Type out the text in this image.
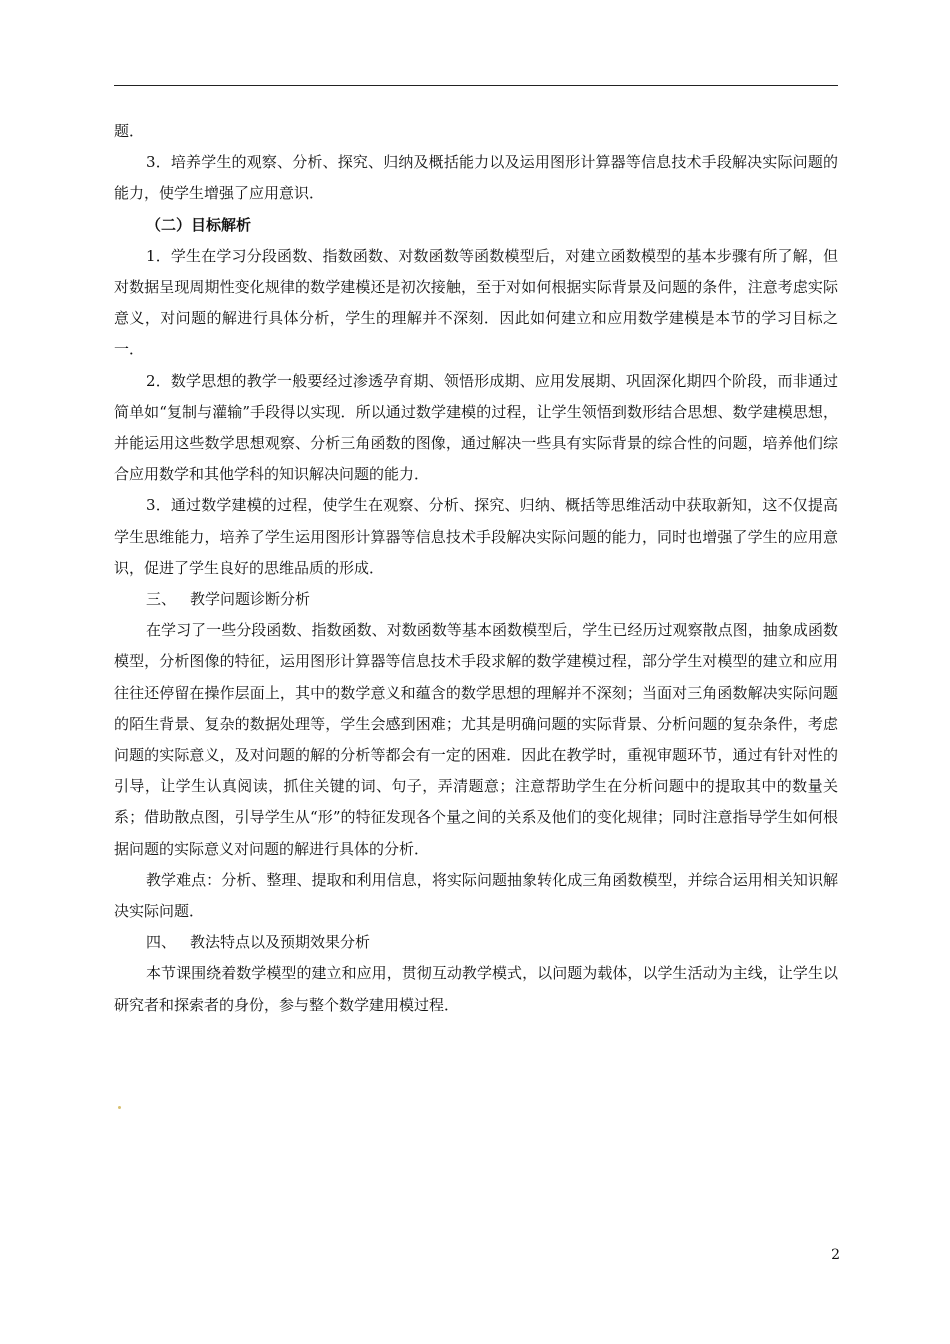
题．

3．培养学生的观察、分析、探究、归纳及概括能力以及运用图形计算器等信息技术手段解决实际问题的能力，使学生增强了应用意识．

（二）目标解析

1．学生在学习分段函数、指数函数、对数函数等函数模型后，对建立函数模型的基本步骤有所了解，但对数据呈现周期性变化规律的数学建模还是初次接触，至于对如何根据实际背景及问题的条件，注意考虑实际意义，对问题的解进行具体分析，学生的理解并不深刻．因此如何建立和应用数学建模是本节的学习目标之一．

2．数学思想的教学一般要经过渗透孕育期、领悟形成期、应用发展期、巩固深化期四个阶段，而非通过简单如“复制与灌输”手段得以实现．所以通过数学建模的过程，让学生领悟到数形结合思想、数学建模思想，并能运用这些数学思想观察、分析三角函数的图像，通过解决一些具有实际背景的综合性的问题，培养他们综合应用数学和其他学科的知识解决问题的能力．

3．通过数学建模的过程，使学生在观察、分析、探究、归纳、概括等思维活动中获取新知，这不仅提高学生思维能力，培养了学生运用图形计算器等信息技术手段解决实际问题的能力，同时也增强了学生的应用意识，促进了学生良好的思维品质的形成．

三、 教学问题诊断分析

在学习了一些分段函数、指数函数、对数函数等基本函数模型后，学生已经历过观察散点图，抽象成函数模型，分析图像的特征，运用图形计算器等信息技术手段求解的数学建模过程，部分学生对模型的建立和应用往往还停留在操作层面上，其中的数学意义和蕴含的数学思想的理解并不深刻；当面对三角函数解决实际问题的陌生背景、复杂的数据处理等，学生会感到困难；尤其是明确问题的实际背景、分析问题的复杂条件，考虑问题的实际意义，及对问题的解的分析等都会有一定的困难．因此在教学时，重视审题环节，通过有针对性的引导，让学生认真阅读，抓住关键的词、句子，弄清题意；注意帮助学生在分析问题中的提取其中的数量关系；借助散点图，引导学生从“形”的特征发现各个量之间的关系及他们的变化规律；同时注意指导学生如何根据问题的实际意义对问题的解进行具体的分析．

教学难点：分析、整理、提取和利用信息，将实际问题抽象转化成三角函数模型，并综合运用相关知识解决实际问题．

四、 教法特点以及预期效果分析

本节课围绕着数学模型的建立和应用，贯彻互动教学模式，以问题为载体，以学生活动为主线，让学生以研究者和探索者的身份，参与整个数学建用模过程．

2
